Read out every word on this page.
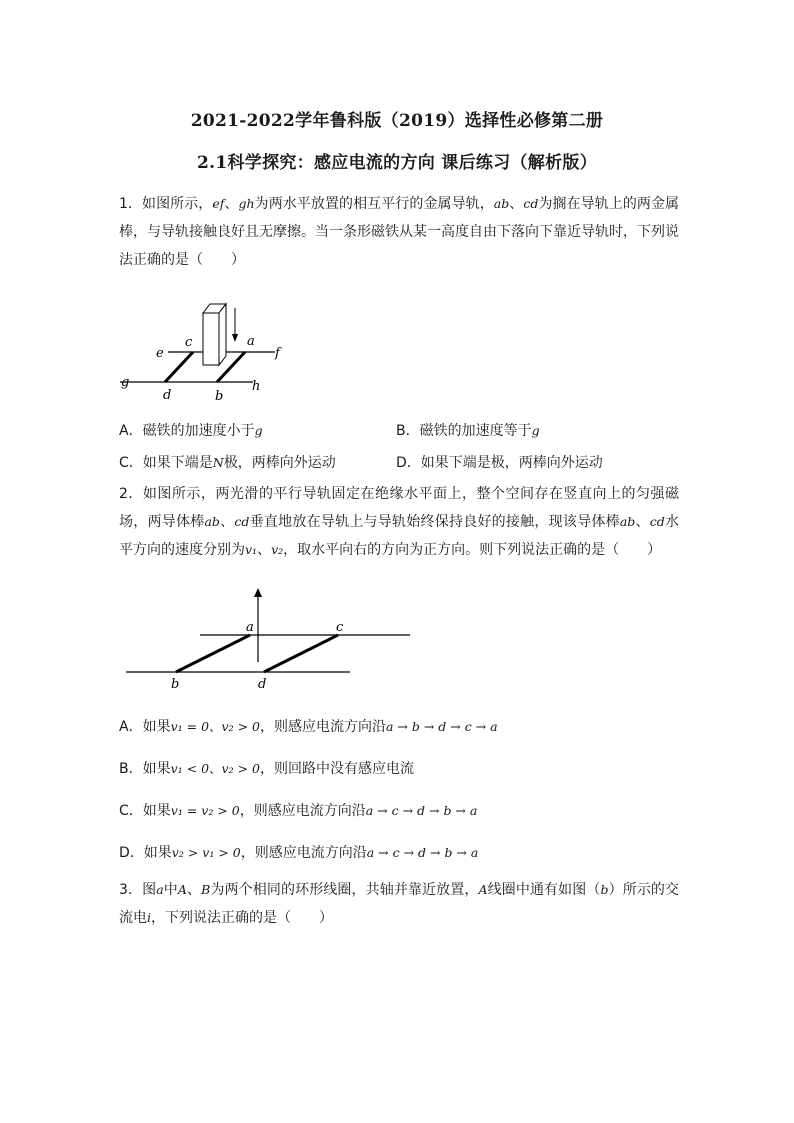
2021-2022学年鲁科版（2019）选择性必修第二册
2.1科学探究：感应电流的方向 课后练习（解析版）
1．如图所示，ef、gh为两水平放置的相互平行的金属导轨，ab、cd为搁在导轨上的两金属棒，与导轨接触良好且无摩擦。当一条形磁铁从某一高度自由下落向下靠近导轨时，下列说法正确的是（　　）
e
c	a
f
g
d	b
h
A．磁铁的加速度小于g	B．磁铁的加速度等于g
C．如果下端是N极，两棒向外运动	D．如果下端是极，两棒向外运动
2．如图所示，两光滑的平行导轨固定在绝缘水平面上，整个空间存在竖直向上的匀强磁场，两导体棒ab、cd垂直地放在导轨上与导轨始终保持良好的接触，现该导体棒ab、cd水平方向的速度分别为v₁、v₂，取水平向右的方向为正方向。则下列说法正确的是（　　）
a	c
b	d
A．如果v₁ = 0、v₂ > 0，则感应电流方向沿a → b → d → c → a
B．如果v₁ < 0、v₂ > 0，则回路中没有感应电流
C．如果v₁ = v₂ > 0，则感应电流方向沿a → c → d → b → a
D．如果v₂ > v₁ > 0，则感应电流方向沿a → c → d → b → a
3．图a中A、B为两个相同的环形线圈，共轴并靠近放置，A线圈中通有如图（b）所示的交流电i，下列说法正确的是（　　）
